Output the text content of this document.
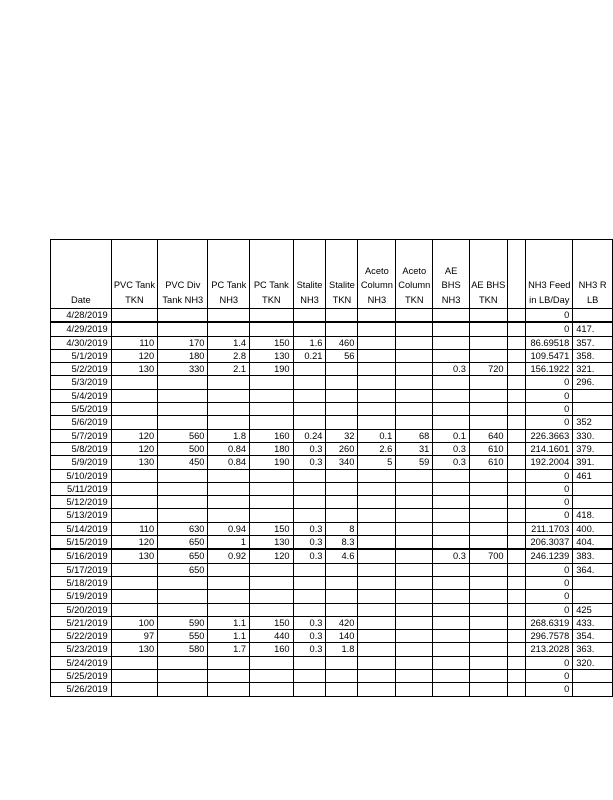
Date	PVC Tank TKN	PVC Div Tank NH3	PC Tank NH3	PC Tank TKN	Stalite NH3	Stalite TKN	Aceto Column NH3	Aceto Column TKN	AE BHS NH3	AE BHS TKN		NH3 Feed in LB/Day	NH3 R LB
4/28/2019												0	
4/29/2019												0	417.
4/30/2019	110	170	1.4	150	1.6	460						86.69518	357.
5/1/2019	120	180	2.8	130	0.21	56						109.5471	358.
5/2/2019	130	330	2.1	190					0.3	720		156.1922	321.
5/3/2019												0	296.
5/4/2019												0	
5/5/2019												0	
5/6/2019												0	352
5/7/2019	120	560	1.8	160	0.24	32	0.1	68	0.1	640		226.3663	330.
5/8/2019	120	500	0.84	180	0.3	260	2.6	31	0.3	610		214.1601	379.
5/9/2019	130	450	0.84	190	0.3	340	5	59	0.3	610		192.2004	391.
5/10/2019												0	461
5/11/2019												0	
5/12/2019												0	
5/13/2019												0	418.
5/14/2019	110	630	0.94	150	0.3	8						211.1703	400.
5/15/2019	120	650	1	130	0.3	8.3						206.3037	404.
5/16/2019	130	650	0.92	120	0.3	4.6			0.3	700		246.1239	383.
5/17/2019		650										0	364.
5/18/2019												0	
5/19/2019												0	
5/20/2019												0	425
5/21/2019	100	590	1.1	150	0.3	420						268.6319	433.
5/22/2019	97	550	1.1	440	0.3	140						296.7578	354.
5/23/2019	130	580	1.7	160	0.3	1.8						213.2028	363.
5/24/2019												0	320.
5/25/2019												0	
5/26/2019												0	
